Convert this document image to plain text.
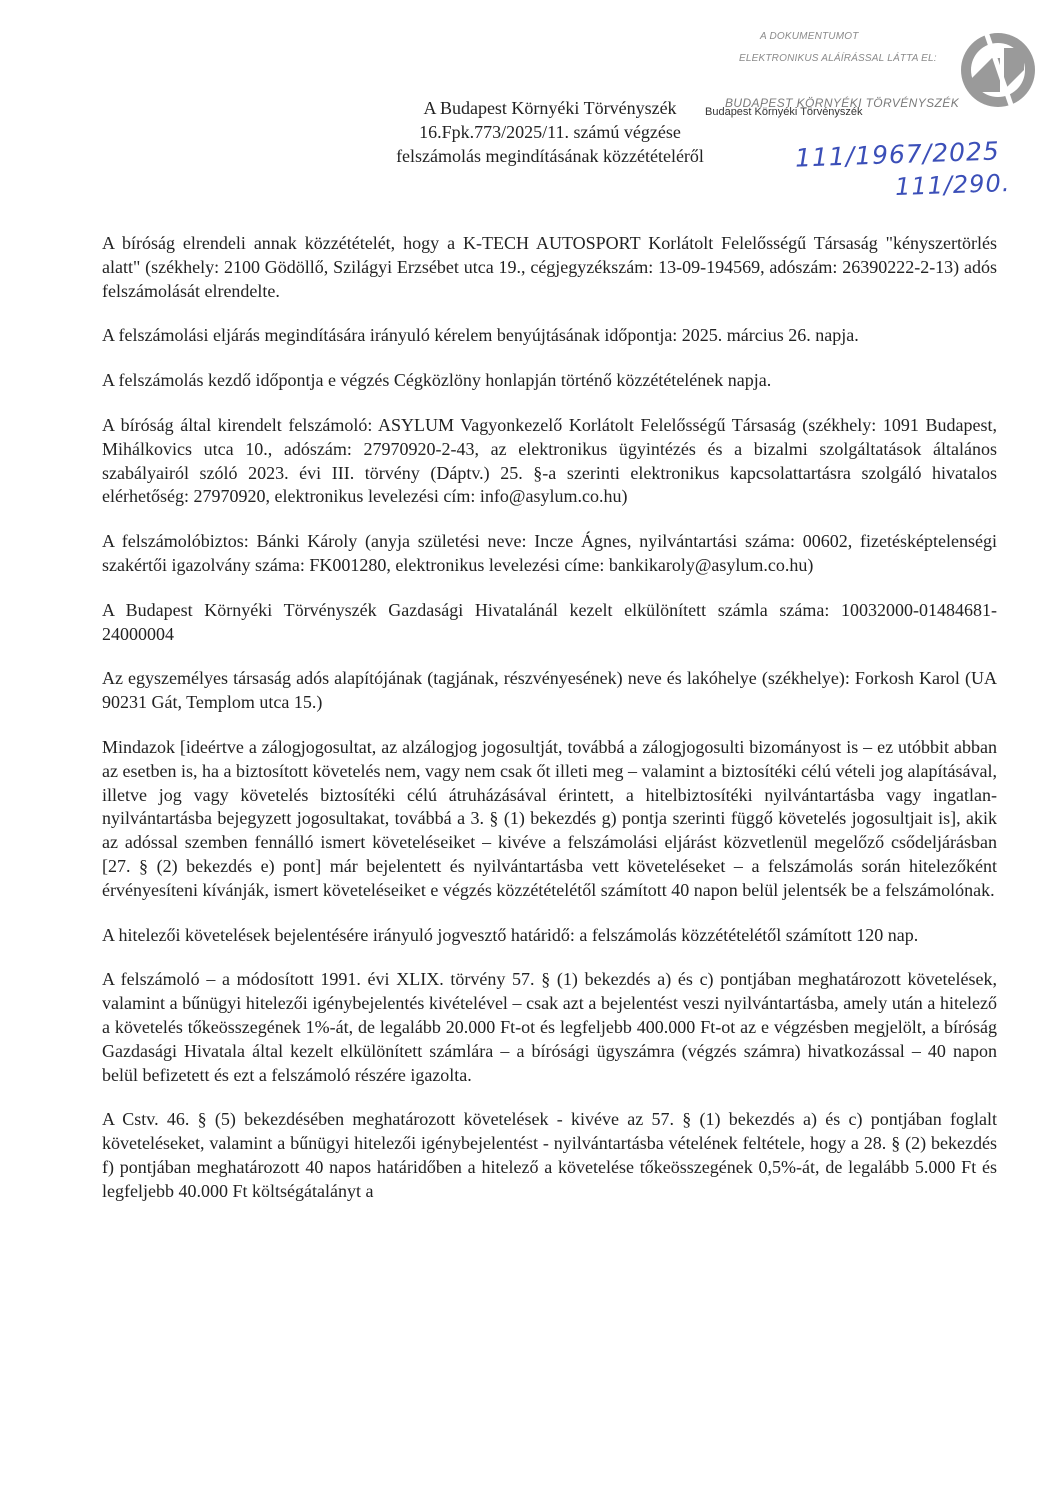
A DOKUMENTUMOT
ELEKTRONIKUS ALÁÍRÁSSAL LÁTTA EL:
BUDAPEST KÖRNYÉKI TÖRVÉNYSZÉK
Budapest Környéki Törvényszék
111/1967/2025
111/290.
A Budapest Környéki Törvényszék
16.Fpk.773/2025/11. számú végzése
felszámolás megindításának közzétételéről

A bíróság elrendeli annak közzétételét, hogy a K-TECH AUTOSPORT Korlátolt Felelősségű Társaság "kényszertörlés alatt" (székhely: 2100 Gödöllő, Szilágyi Erzsébet utca 19., cégjegyzékszám: 13-09-194569, adószám: 26390222-2-13) adós felszámolását elrendelte.

A felszámolási eljárás megindítására irányuló kérelem benyújtásának időpontja: 2025. március 26. napja.

A felszámolás kezdő időpontja e végzés Cégközlöny honlapján történő közzétételének napja.

A bíróság által kirendelt felszámoló: ASYLUM Vagyonkezelő Korlátolt Felelősségű Társaság (székhely: 1091 Budapest, Mihálkovics utca 10., adószám: 27970920-2-43, az elektronikus ügyintézés és a bizalmi szolgáltatások általános szabályairól szóló 2023. évi III. törvény (Dáptv.) 25. §-a szerinti elektronikus kapcsolattartásra szolgáló hivatalos elérhetőség: 27970920, elektronikus levelezési cím: info@asylum.co.hu)

A felszámolóbiztos: Bánki Károly (anyja születési neve: Incze Ágnes, nyilvántartási száma: 00602, fizetésképtelenségi szakértői igazolvány száma: FK001280, elektronikus levelezési címe: bankikaroly@asylum.co.hu)

A Budapest Környéki Törvényszék Gazdasági Hivatalánál kezelt elkülönített számla száma: 10032000-01484681-24000004

Az egyszemélyes társaság adós alapítójának (tagjának, részvényesének) neve és lakóhelye (székhelye): Forkosh Karol (UA 90231 Gát, Templom utca 15.)

Mindazok [ideértve a zálogjogosultat, az alzálogjog jogosultját, továbbá a zálogjogosulti bizományost is – ez utóbbit abban az esetben is, ha a biztosított követelés nem, vagy nem csak őt illeti meg – valamint a biztosítéki célú vételi jog alapításával, illetve jog vagy követelés biztosítéki célú átruházásával érintett, a hitelbiztosítéki nyilvántartásba vagy ingatlan-nyilvántartásba bejegyzett jogosultakat, továbbá a 3. § (1) bekezdés g) pontja szerinti függő követelés jogosultjait is], akik az adóssal szemben fennálló ismert követeléseiket – kivéve a felszámolási eljárást közvetlenül megelőző csődeljárásban [27. § (2) bekezdés e) pont] már bejelentett és nyilvántartásba vett követeléseket – a felszámolás során hitelezőként érvényesíteni kívánják, ismert követeléseiket e végzés közzétételétől számított 40 napon belül jelentsék be a felszámolónak.

A hitelezői követelések bejelentésére irányuló jogvesztő határidő: a felszámolás közzétételétől számított 120 nap.

A felszámoló – a módosított 1991. évi XLIX. törvény 57. § (1) bekezdés a) és c) pontjában meghatározott követelések, valamint a bűnügyi hitelezői igénybejelentés kivételével – csak azt a bejelentést veszi nyilvántartásba, amely után a hitelező a követelés tőkeösszegének 1%-át, de legalább 20.000 Ft-ot és legfeljebb 400.000 Ft-ot az e végzésben megjelölt, a bíróság Gazdasági Hivatala által kezelt elkülönített számlára – a bírósági ügyszámra (végzés számra) hivatkozással – 40 napon belül befizetett és ezt a felszámoló részére igazolta.

A Cstv. 46. § (5) bekezdésében meghatározott követelések - kivéve az 57. § (1) bekezdés a) és c) pontjában foglalt követeléseket, valamint a bűnügyi hitelezői igénybejelentést - nyilvántartásba vételének feltétele, hogy a 28. § (2) bekezdés f) pontjában meghatározott 40 napos határidőben a hitelező a követelése tőkeösszegének 0,5%-át, de legalább 5.000 Ft és legfeljebb 40.000 Ft költségátalányt a
